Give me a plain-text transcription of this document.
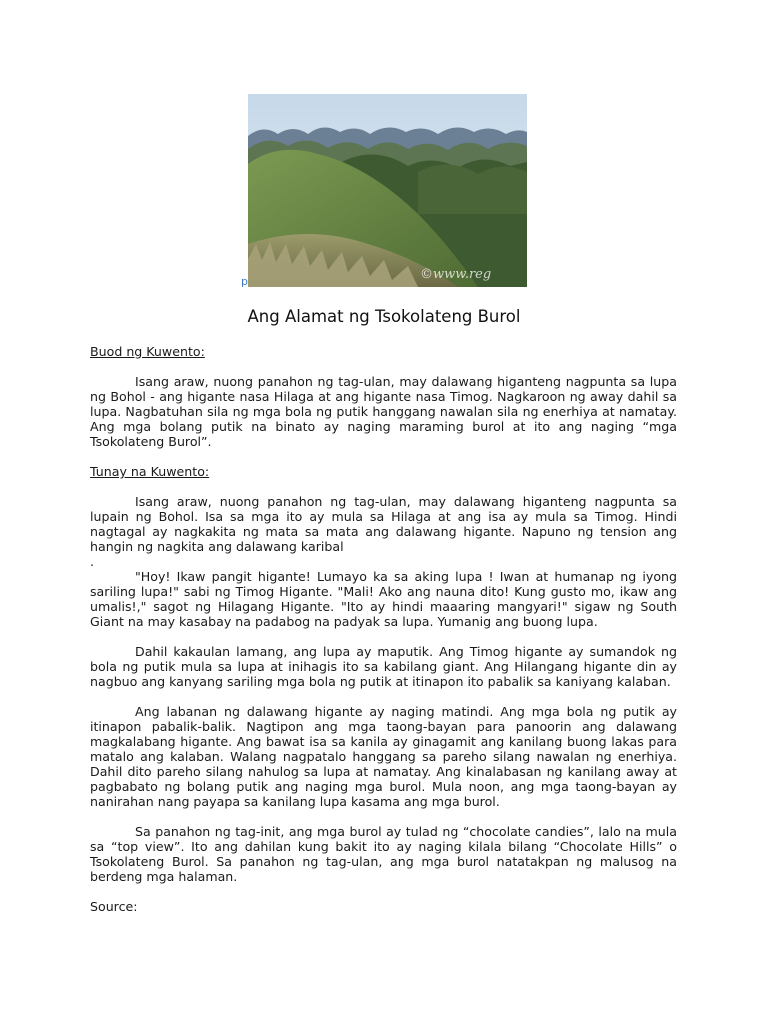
p	©www.reg
Ang Alamat ng Tsokolateng Burol

Buod ng Kuwento:

Isang araw, nuong panahon ng tag-ulan, may dalawang higanteng nagpunta sa lupa ng Bohol - ang higante nasa Hilaga at ang higante nasa Timog. Nagkaroon ng away dahil sa lupa. Nagbatuhan sila ng mga bola ng putik hanggang nawalan sila ng enerhiya at namatay. Ang mga bolang putik na binato ay naging maraming burol at ito ang naging “mga Tsokolateng Burol”.

Tunay na Kuwento:

Isang araw, nuong panahon ng tag-ulan, may dalawang higanteng nagpunta sa lupain ng Bohol. Isa sa mga ito ay mula sa Hilaga at ang isa ay mula sa Timog. Hindi nagtagal ay nagkakita ng mata sa mata ang dalawang higante. Napuno ng tension ang hangin ng nagkita ang dalawang karibal

.

"Hoy! Ikaw pangit higante! Lumayo ka sa aking lupa ! Iwan at humanap ng iyong sariling lupa!" sabi ng Timog Higante. "Mali! Ako ang nauna dito! Kung gusto mo, ikaw ang umalis!," sagot ng Hilagang Higante. "Ito ay hindi maaaring mangyari!" sigaw ng South Giant na may kasabay na padabog na padyak sa lupa. Yumanig ang buong lupa.

Dahil kakaulan lamang, ang lupa ay maputik. Ang Timog higante ay sumandok ng bola ng putik mula sa lupa at inihagis ito sa kabilang giant. Ang Hilangang higante din ay nagbuo ang kanyang sariling mga bola ng putik at itinapon ito pabalik sa kaniyang kalaban.

Ang labanan ng dalawang higante ay naging matindi. Ang mga bola ng putik ay itinapon pabalik-balik. Nagtipon ang mga taong-bayan para panoorin ang dalawang magkalabang higante. Ang bawat isa sa kanila ay ginagamit ang kanilang buong lakas para matalo ang kalaban. Walang nagpatalo hanggang sa pareho silang nawalan ng enerhiya. Dahil dito pareho silang nahulog sa lupa at namatay. Ang kinalabasan ng kanilang away at pagbabato ng bolang putik ang naging mga burol. Mula noon, ang mga taong-bayan ay nanirahan nang payapa sa kanilang lupa kasama ang mga burol.

Sa panahon ng tag-init, ang mga burol ay tulad ng “chocolate candies”, lalo na mula sa “top view”. Ito ang dahilan kung bakit ito ay naging kilala bilang “Chocolate Hills” o Tsokolateng Burol. Sa panahon ng tag-ulan, ang mga burol natatakpan ng malusog na berdeng mga halaman.

Source:
